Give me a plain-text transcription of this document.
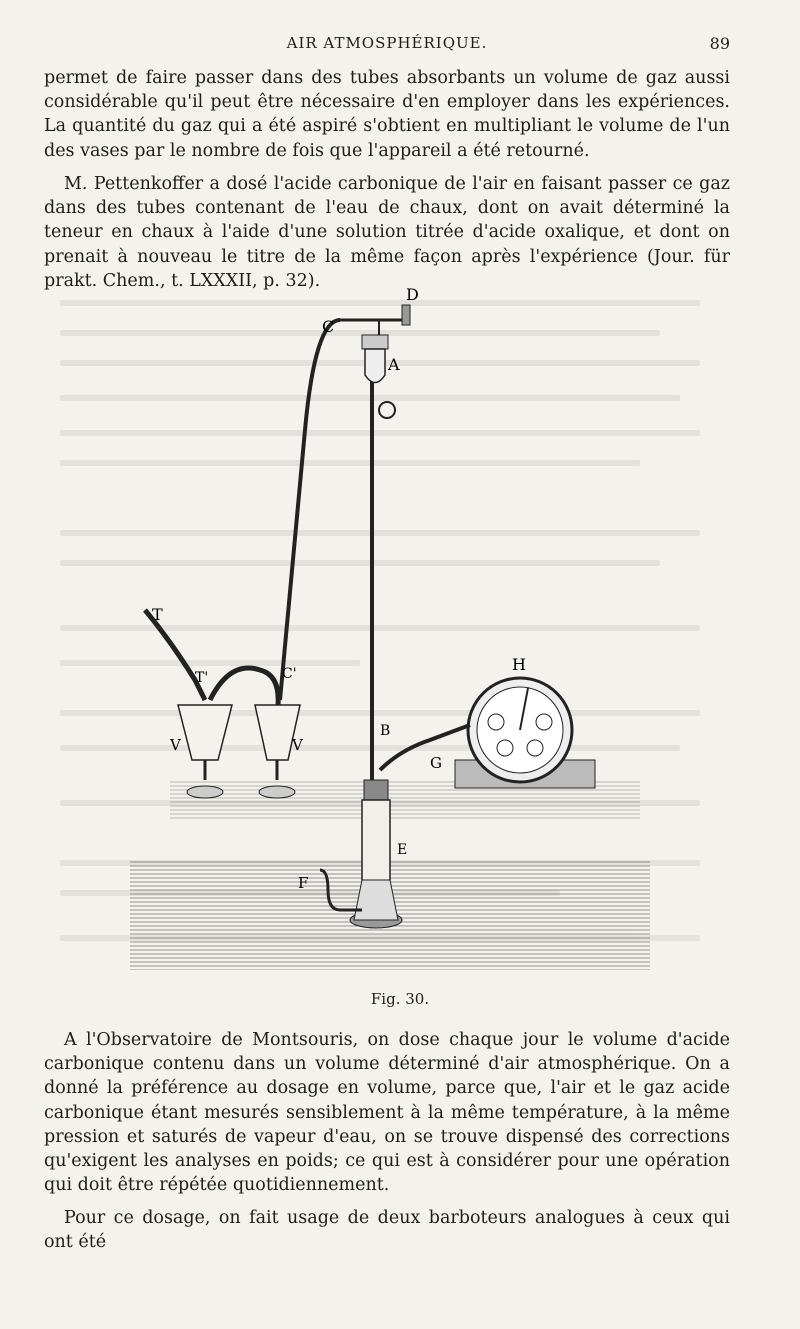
AIR ATMOSPHÉRIQUE.	89

permet de faire passer dans des tubes absorbants un volume de gaz aussi considérable qu'il peut être nécessaire d'en employer dans les expériences. La quantité du gaz qui a été aspiré s'obtient en multipliant le volume de l'un des vases par le nombre de fois que l'appareil a été retourné.

M. Pettenkoffer a dosé l'acide carbonique de l'air en faisant passer ce gaz dans des tubes contenant de l'eau de chaux, dont on avait déterminé la teneur en chaux à l'aide d'une solution titrée d'acide oxalique, et dont on prenait à nouveau le titre de la même façon après l'expérience (Jour. für prakt. Chem., t. LXXXII, p. 32).

D
C
A
T
T'	C'	H
B
V	V
G
E
F
Fig. 30.

A l'Observatoire de Montsouris, on dose chaque jour le volume d'acide carbonique contenu dans un volume déterminé d'air atmosphérique. On a donné la préférence au dosage en volume, parce que, l'air et le gaz acide carbonique étant mesurés sensiblement à la même température, à la même pression et saturés de vapeur d'eau, on se trouve dispensé des corrections qu'exigent les analyses en poids; ce qui est à considérer pour une opération qui doit être répétée quotidiennement.

Pour ce dosage, on fait usage de deux barboteurs analogues à ceux qui ont été
